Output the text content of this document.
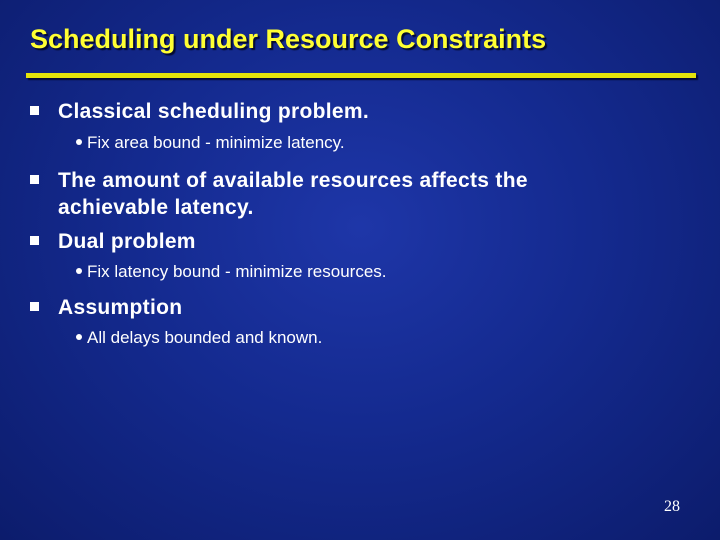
Scheduling under Resource Constraints
Classical scheduling problem.
Fix area bound - minimize latency.
The amount of available resources affects the achievable latency.
Dual problem
Fix latency bound - minimize resources.
Assumption
All delays bounded and known.
28
